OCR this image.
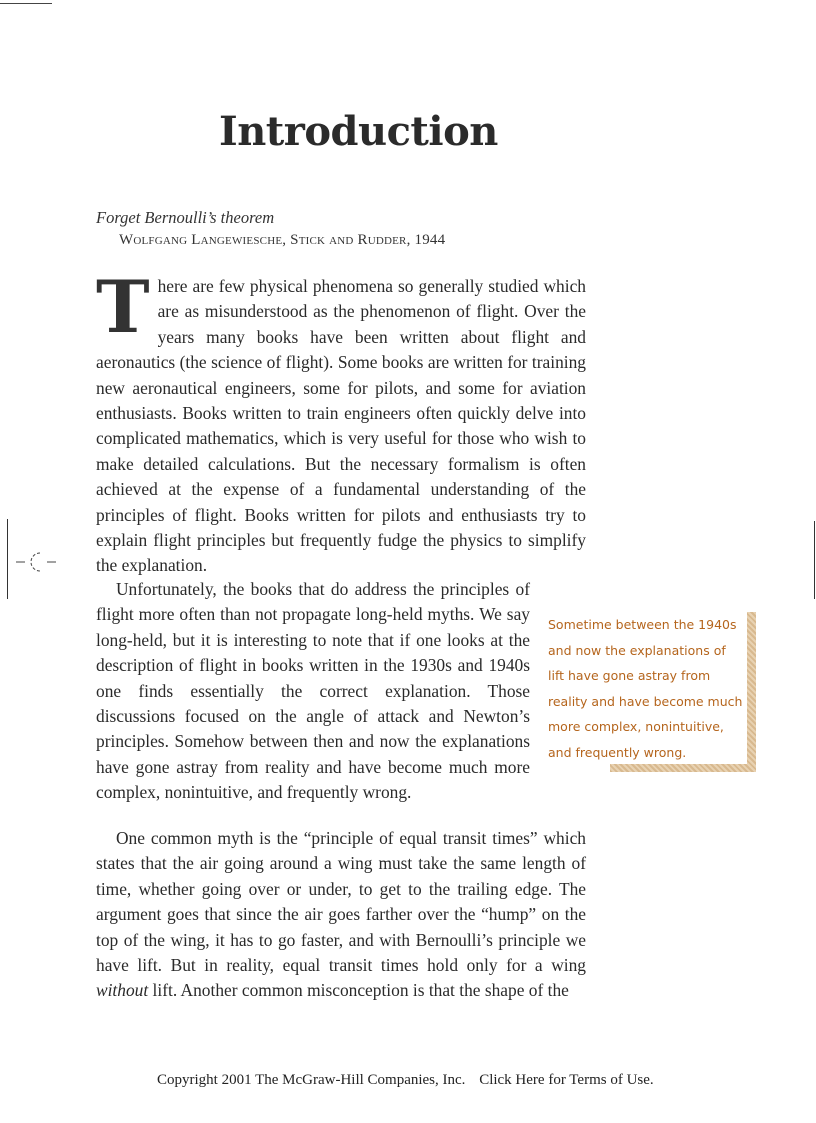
Introduction
Forget Bernoulli’s theorem
Wolfgang Langewiesche, Stick and Rudder, 1944

There are few physical phenomena so generally studied which are as misunderstood as the phenomenon of flight. Over the years many books have been written about flight and aeronautics (the science of flight). Some books are written for training new aeronautical engineers, some for pilots, and some for aviation enthusiasts. Books written to train engineers often quickly delve into complicated mathematics, which is very useful for those who wish to make detailed calculations. But the necessary formalism is often achieved at the expense of a fundamental understanding of the principles of flight. Books written for pilots and enthusiasts try to explain flight principles but frequently fudge the physics to simplify the explanation.

Unfortunately, the books that do address the principles of flight more often than not propagate long-held myths. We say long-held, but it is interesting to note that if one looks at the description of flight in books written in the 1930s and 1940s one finds essentially the correct explanation. Those discussions focused on the angle of attack and Newton’s principles. Somehow between then and now the explanations have gone astray from reality and have become much more complex, nonintuitive, and frequently wrong.

Sometime between the 1940s and now the explanations of lift have gone astray from reality and have become much more complex, nonintuitive, and frequently wrong.

One common myth is the “principle of equal transit times” which states that the air going around a wing must take the same length of time, whether going over or under, to get to the trailing edge. The argument goes that since the air goes farther over the “hump” on the top of the wing, it has to go faster, and with Bernoulli’s principle we have lift. But in reality, equal transit times hold only for a wing without lift. Another common misconception is that the shape of the

Copyright 2001 The McGraw-Hill Companies, Inc. Click Here for Terms of Use.
